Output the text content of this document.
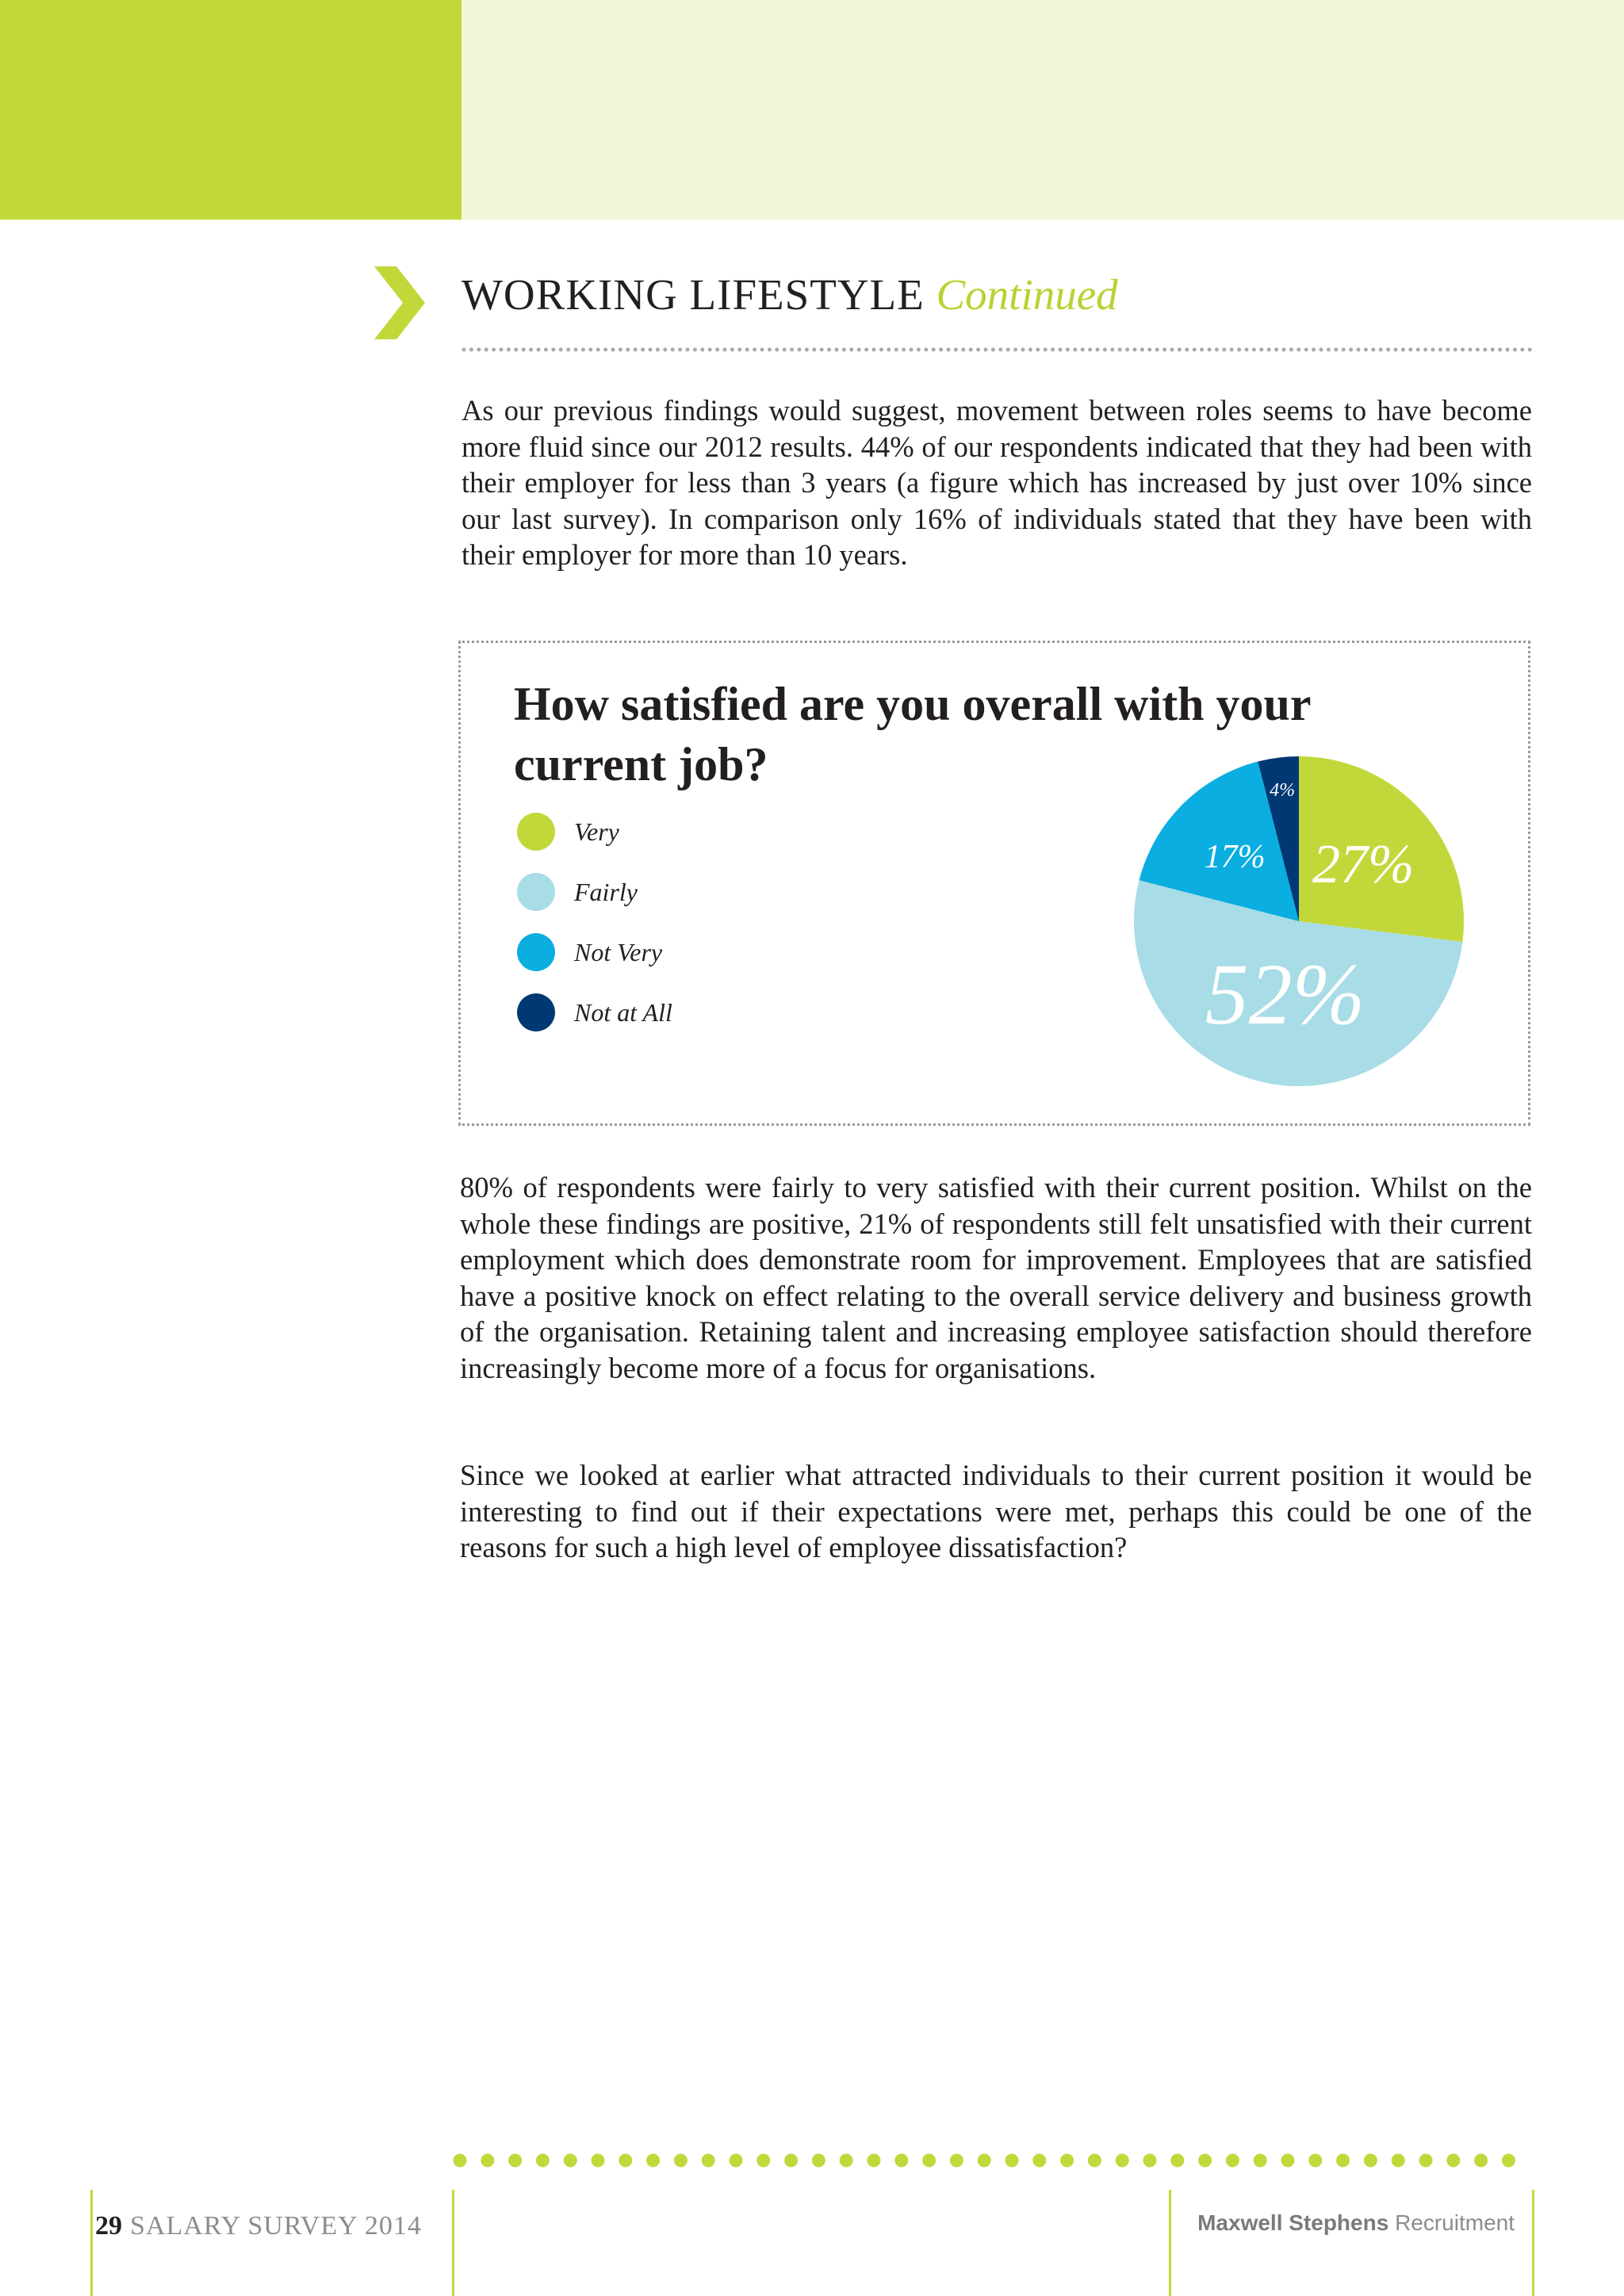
WORKING LIFESTYLE Continued

As our previous findings would suggest, movement between roles seems to have become more fluid since our 2012 results. 44% of our respondents indicated that they had been with their employer for less than 3 years (a figure which has increased by just over 10% since our last survey). In comparison only 16% of individuals stated that they have been with their employer for more than 10 years.

How satisfied are you overall with your current job?
Very
Fairly
Not Very
Not at All
27%
52%
17%
4%

80% of respondents were fairly to very satisfied with their current position. Whilst on the whole these findings are positive, 21% of respondents still felt unsatisfied with their current employment which does demonstrate room for improvement. Employees that are satisfied have a positive knock on effect relating to the overall service delivery and business growth of the organisation. Retaining talent and increasing employee satisfaction should therefore increasingly become more of a focus for organisations.

Since we looked at earlier what attracted individuals to their current position it would be interesting to find out if their expectations were met, perhaps this could be one of the reasons for such a high level of employee dissatisfaction?

29 SALARY SURVEY 2014	Maxwell Stephens Recruitment
